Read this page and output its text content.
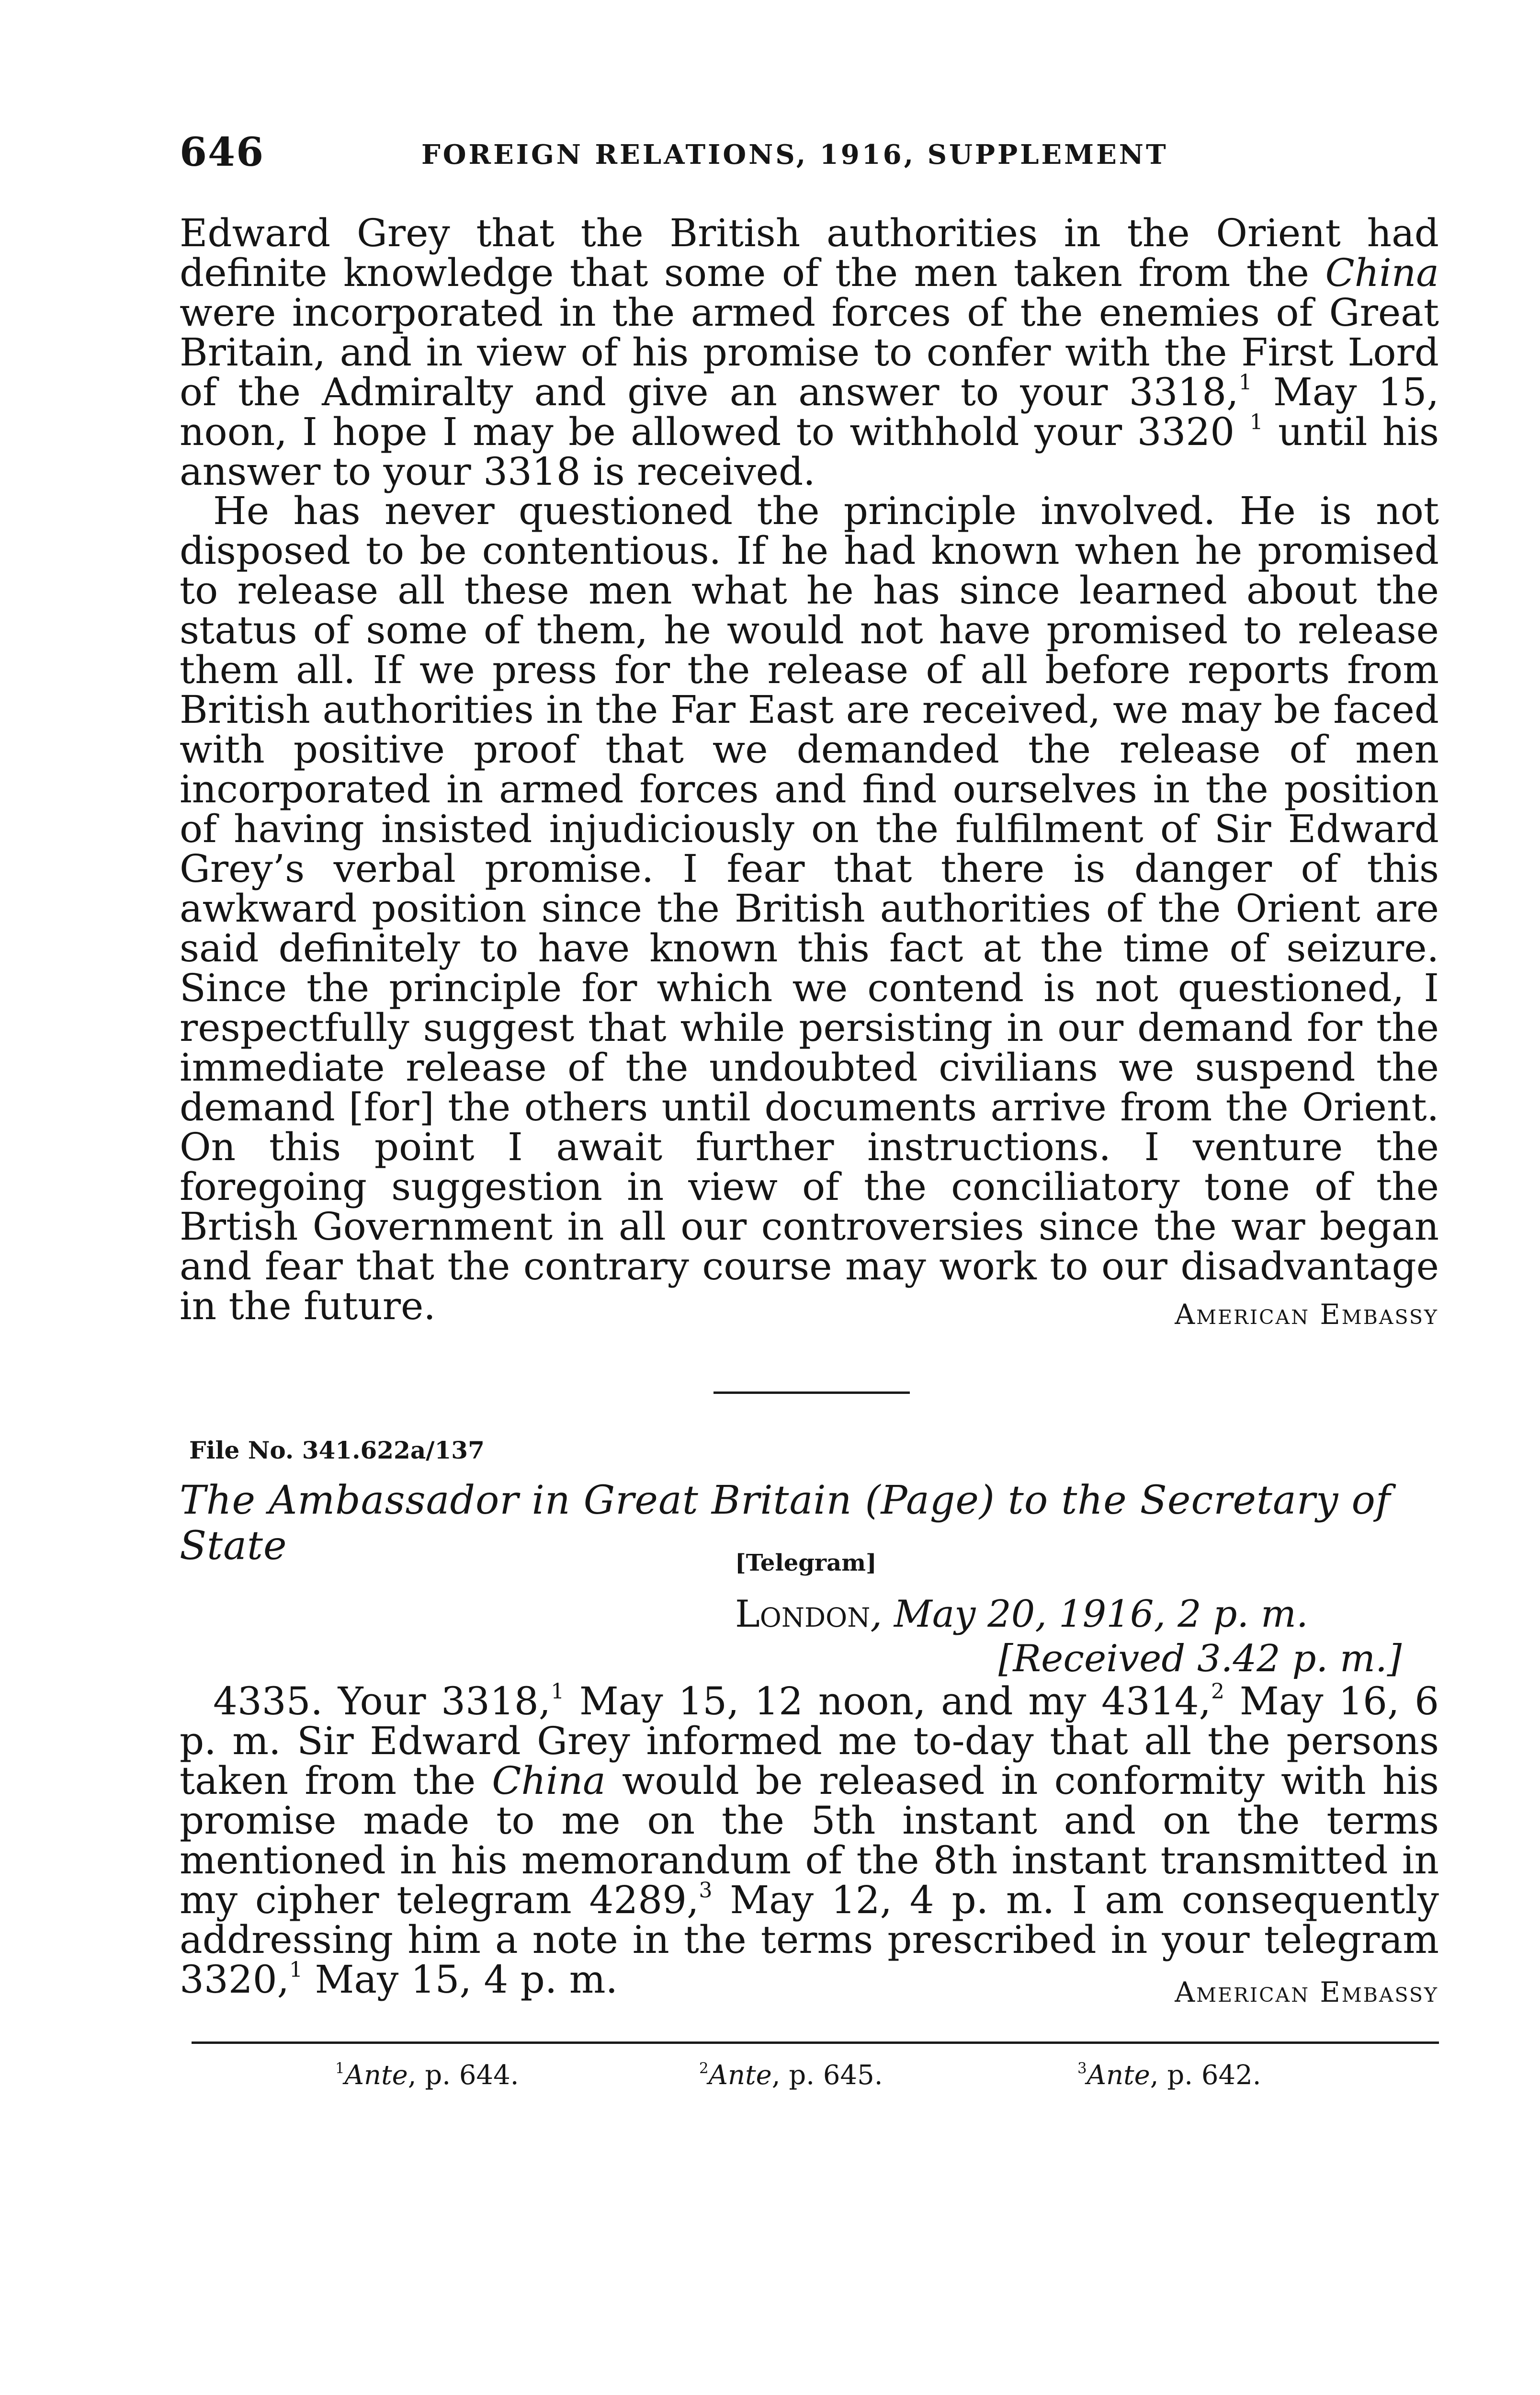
646	FOREIGN RELATIONS, 1916, SUPPLEMENT

Edward Grey that the British authorities in the Orient had definite knowledge that some of the men taken from the China were incorporated in the armed forces of the enemies of Great Britain, and in view of his promise to confer with the First Lord of the Admiralty and give an answer to your 3318,$^1$ May 15, noon, I hope I may be allowed to withhold your 3320 $^1$ until his answer to your 3318 is received.

He has never questioned the principle involved. He is not disposed to be contentious. If he had known when he promised to release all these men what he has since learned about the status of some of them, he would not have promised to release them all. If we press for the release of all before reports from British authorities in the Far East are received, we may be faced with positive proof that we demanded the release of men incorporated in armed forces and find ourselves in the position of having insisted injudiciously on the fulfilment of Sir Edward Grey’s verbal promise. I fear that there is danger of this awkward position since the British authorities of the Orient are said definitely to have known this fact at the time of seizure. Since the principle for which we contend is not questioned, I respectfully suggest that while persisting in our demand for the immediate release of the undoubted civilians we suspend the demand [for] the others until documents arrive from the Orient. On this point I await further instructions. I venture the foregoing suggestion in view of the conciliatory tone of the Brtish Government in all our controversies since the war began and fear that the contrary course may work to our disadvantage in the future.	American Embassy
File No. 341.622a/137
The Ambassador in Great Britain (Page) to the Secretary of State	[Telegram]
London, May 20, 1916, 2 p. m.
[Received 3.42 p. m.]

4335. Your 3318,$^1$ May 15, 12 noon, and my 4314,$^2$ May 16, 6 p. m. Sir Edward Grey informed me to-day that all the persons taken from the China would be released in conformity with his promise made to me on the 5th instant and on the terms mentioned in his memorandum of the 8th instant transmitted in my cipher telegram 4289,$^3$ May 12, 4 p. m. I am consequently addressing him a note in the terms prescribed in your telegram 3320,$^1$ May 15, 4 p. m.	American Embassy
$^1$Ante, p. 644.	$^2$Ante, p. 645.	$^3$Ante, p. 642.
